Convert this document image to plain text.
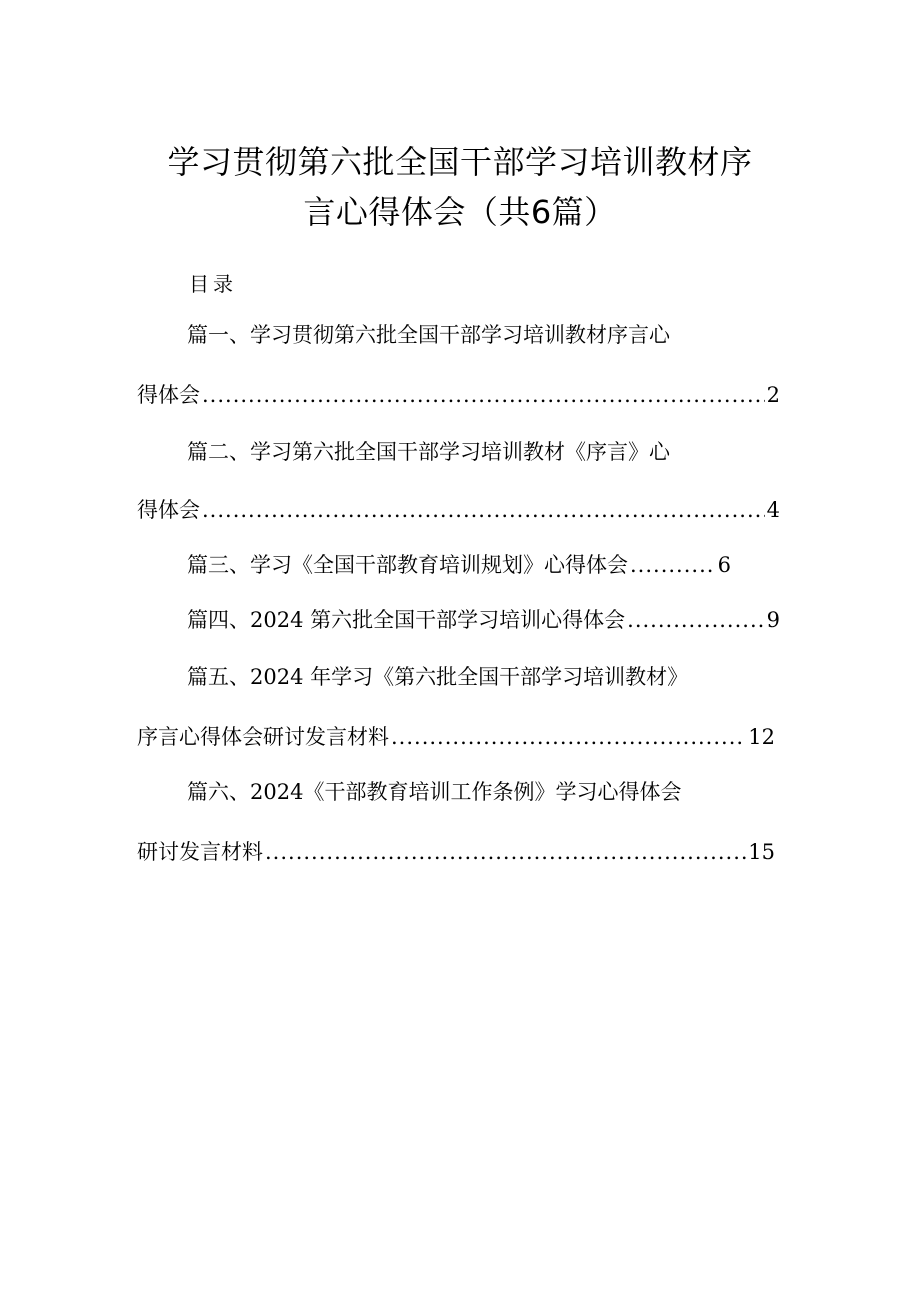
学习贯彻第六批全国干部学习培训教材序
言心得体会（共6篇）
目录
篇一、学习贯彻第六批全国干部学习培训教材序言心
得体会 .....	2
篇二、学习第六批全国干部学习培训教材《序言》心
得体会 .....	4
篇三、学习《全国干部教育培训规划》心得体会 .....	6
篇四、2024 第六批全国干部学习培训心得体会 .....	9
篇五、2024 年学习《第六批全国干部学习培训教材》
序言心得体会研讨发言材料 .....	12
篇六、2024《干部教育培训工作条例》学习心得体会
研讨发言材料 .....	15
